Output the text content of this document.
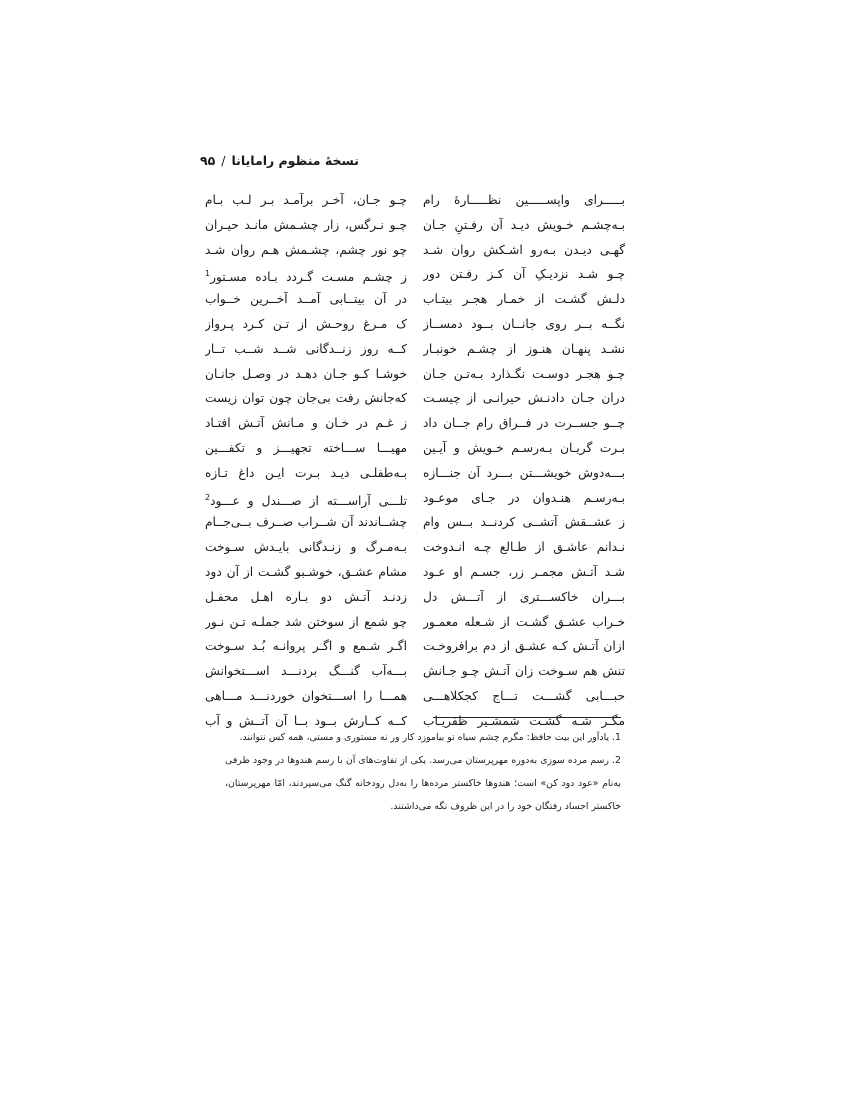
نسخهٔ منظوم رامایانا
/
۹۵
بـــــرای واپســـــین نظـــــارهٔ رام
چـو جـان، آخـر برآمـد بـر لـب بـام
بـه‌چشـم خـویش دیـد آن رفـتنِ جـان
چـو نـرگس، زار چشـمش مانـد حیـران
گهـی دیـدن بـه‌رو اشـکش روان شـد
چو نور چشم، چشـمش هـم روان شـد
چـو شـد نزدیـکِ آن کـز رفـتن دور
ز چشـم مسـت گـردد بـاده مسـتور$^1$
دلـش گشـت از خمـار هجـر بیتـاب
در آن بیتــابی آمــد آخــرین خــواب
نگــه بــر روی جانــان بــود دمســاز
ک مـرغ روحـش از تـن کـرد پـرواز
نشـد پنهـان هنـوز از چشـم خونبـار
کــه روز زنــدگانی شــد شــب تــار
چـو هجـر دوسـت نگـذارد بـه‌تـن جـان
خوشـا کـو جـان دهـد در وصـل جانـان
دران جـان دادنـش حیرانـی از چیسـت
که‌جانش رفت بی‌جان چون توان زیست
چــو جســرت در فــراق رام جــان داد
ز غـم در خـان و مـانش آتـش افتـاد
بـرت گریـان بـه‌رسـم خـویش و آیـین
مهیـــا ســـاخته تجهیـــز و تکفـــین
بـــه‌دوش خویشـــتن بـــرد آن جنـــازه
بـه‌طفلـی دیـد بـرت ایـن داغ تـازه
بـه‌رسـم هنـدوان در جـای موعـود
تلـــی آراســـته از صـــندل و عـــود$^2$
ز عشــقش آتشــی کردنــد بــس وام
چشــاندند آن شــراب صــرف بــی‌جــام
نـدانم عاشـق از طـالع چـه انـدوخت
بـه‌مـرگ و زنـدگانی بایـدش سـوخت
شـد آتـش مجمـر زر، جسـم او عـود
مشام عشـق، خوشـبو گشـت از آن دود
بـــران خاکســـتری از آتـــش دل
زدنـد آتـش دو بـاره اهـل محفـل
خـراب عشـق گشـت از شـعله معمـور
چو شمع از سوختن شد جملـه تـن نـور
ازان آتـش کـه عشـق از دم برافروخـت
اگـر شـمع و اگـر پروانـه بُـد سـوخت
تنش هم سـوخت زان آتـش چـو جـانش
بـــه‌آب گنـــگ بردنـــد اســـتخوانش
حبـــابی گشـــت تـــاج کجکلاهـــی
همـــا را اســـتخوان خوردنـــد مـــاهی
مگـر شـه گشـت شمشـیر ظفریـاب
کــه کــارش بــود بــا آن آتــش و آب

1. یادآور این بیت حافظ: مگرم چشم سیاه تو بیاموزد کار ور نه مستوری و مستی، همه کس نتوانند.

2. رسم مرده سوزی به‌دوره مهرپرستان می‌رسد. یکی از تفاوت‌های آن با رسم هندوها در وجود ظرفی به‌نام «عود دود کن» است؛ هندوها خاکستر مرده‌ها را به‌دل رودخانه گنگ می‌سپردند، امّا مهرپرستان، خاکستر اجساد رفتگان خود را در این ظروف نگه می‌داشتند.
